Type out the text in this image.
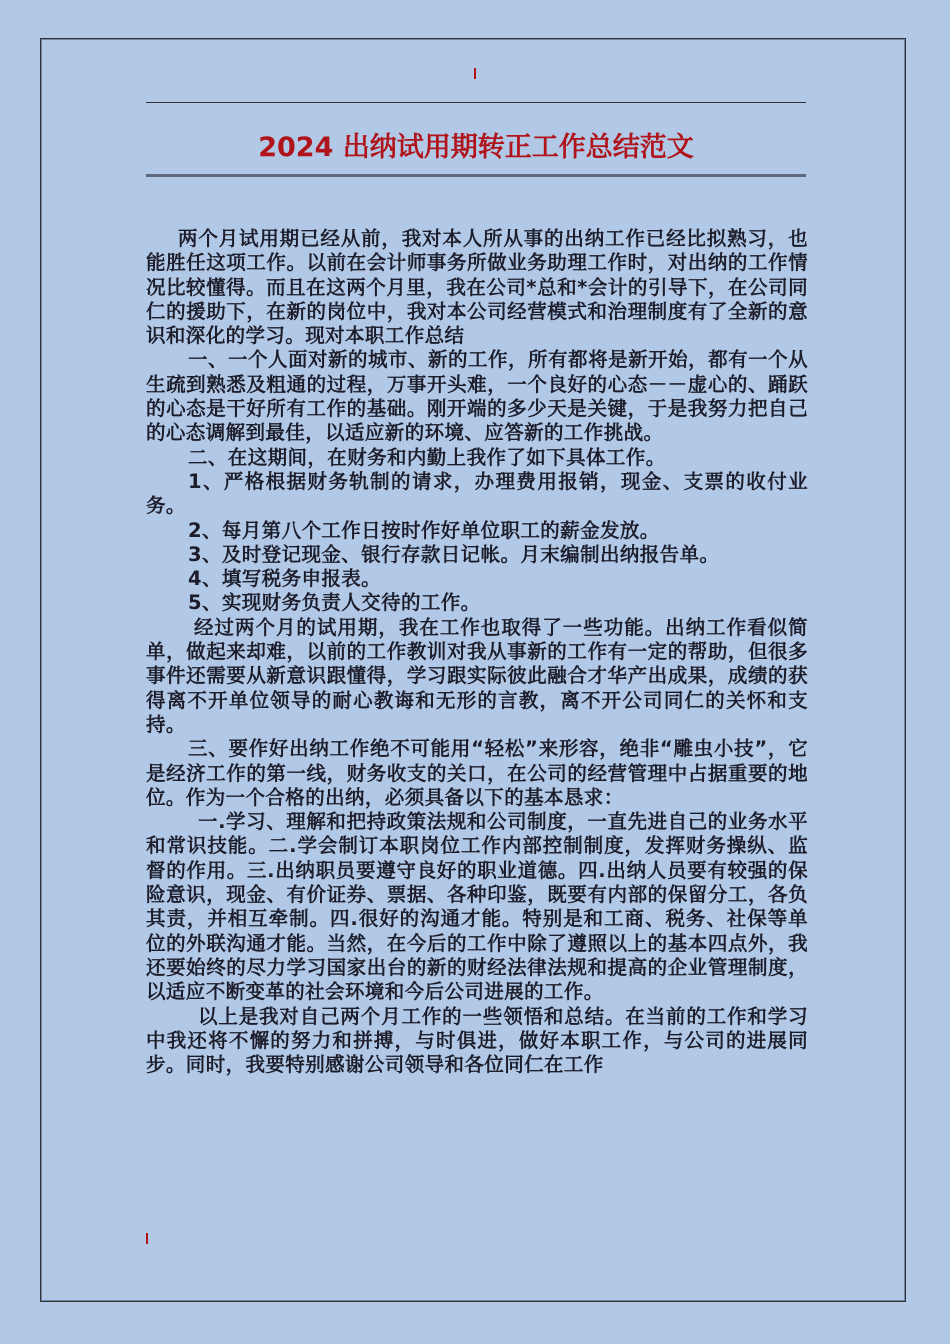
2024 出纳试用期转正工作总结范文

两个月试用期已经从前，我对本人所从事的出纳工作已经比拟熟习，也能胜任这项工作。以前在会计师事务所做业务助理工作时，对出纳的工作情况比较懂得。而且在这两个月里，我在公司*总和*会计的引导下，在公司同仁的援助下，在新的岗位中，我对本公司经营模式和治理制度有了全新的意识和深化的学习。现对本职工作总结

一、一个人面对新的城市、新的工作，所有都将是新开始，都有一个从生疏到熟悉及粗通的过程，万事开头难，一个良好的心态－－虚心的、踊跃的心态是干好所有工作的基础。刚开端的多少天是关键，于是我努力把自己的心态调解到最佳，以适应新的环境、应答新的工作挑战。

二、在这期间，在财务和内勤上我作了如下具体工作。

1、严格根据财务轨制的请求，办理费用报销，现金、支票的收付业务。

2、每月第八个工作日按时作好单位职工的薪金发放。

3、及时登记现金、银行存款日记帐。月末编制出纳报告单。

4、填写税务申报表。

5、实现财务负责人交待的工作。

经过两个月的试用期，我在工作也取得了一些功能。出纳工作看似简单，做起来却难，以前的工作教训对我从事新的工作有一定的帮助，但很多事件还需要从新意识跟懂得，学习跟实际彼此融合才华产出成果，成绩的获得离不开单位领导的耐心教诲和无形的言教，离不开公司同仁的关怀和支持。

三、要作好出纳工作绝不可能用“轻松”来形容，绝非“雕虫小技”，它是经济工作的第一线，财务收支的关口，在公司的经营管理中占据重要的地位。作为一个合格的出纳，必须具备以下的基本恳求：

一.学习、理解和把持政策法规和公司制度，一直先进自己的业务水平和常识技能。二.学会制订本职岗位工作内部控制制度，发挥财务操纵、监督的作用。三.出纳职员要遵守良好的职业道德。四.出纳人员要有较强的保险意识，现金、有价证券、票据、各种印鉴，既要有内部的保留分工，各负其责，并相互牵制。四.很好的沟通才能。特别是和工商、税务、社保等单位的外联沟通才能。当然，在今后的工作中除了遵照以上的基本四点外，我还要始终的尽力学习国家出台的新的财经法律法规和提高的企业管理制度，以适应不断变革的社会环境和今后公司进展的工作。

以上是我对自己两个月工作的一些领悟和总结。在当前的工作和学习中我还将不懈的努力和拼搏，与时俱进，做好本职工作，与公司的进展同步。同时，我要特别感谢公司领导和各位同仁在工作
